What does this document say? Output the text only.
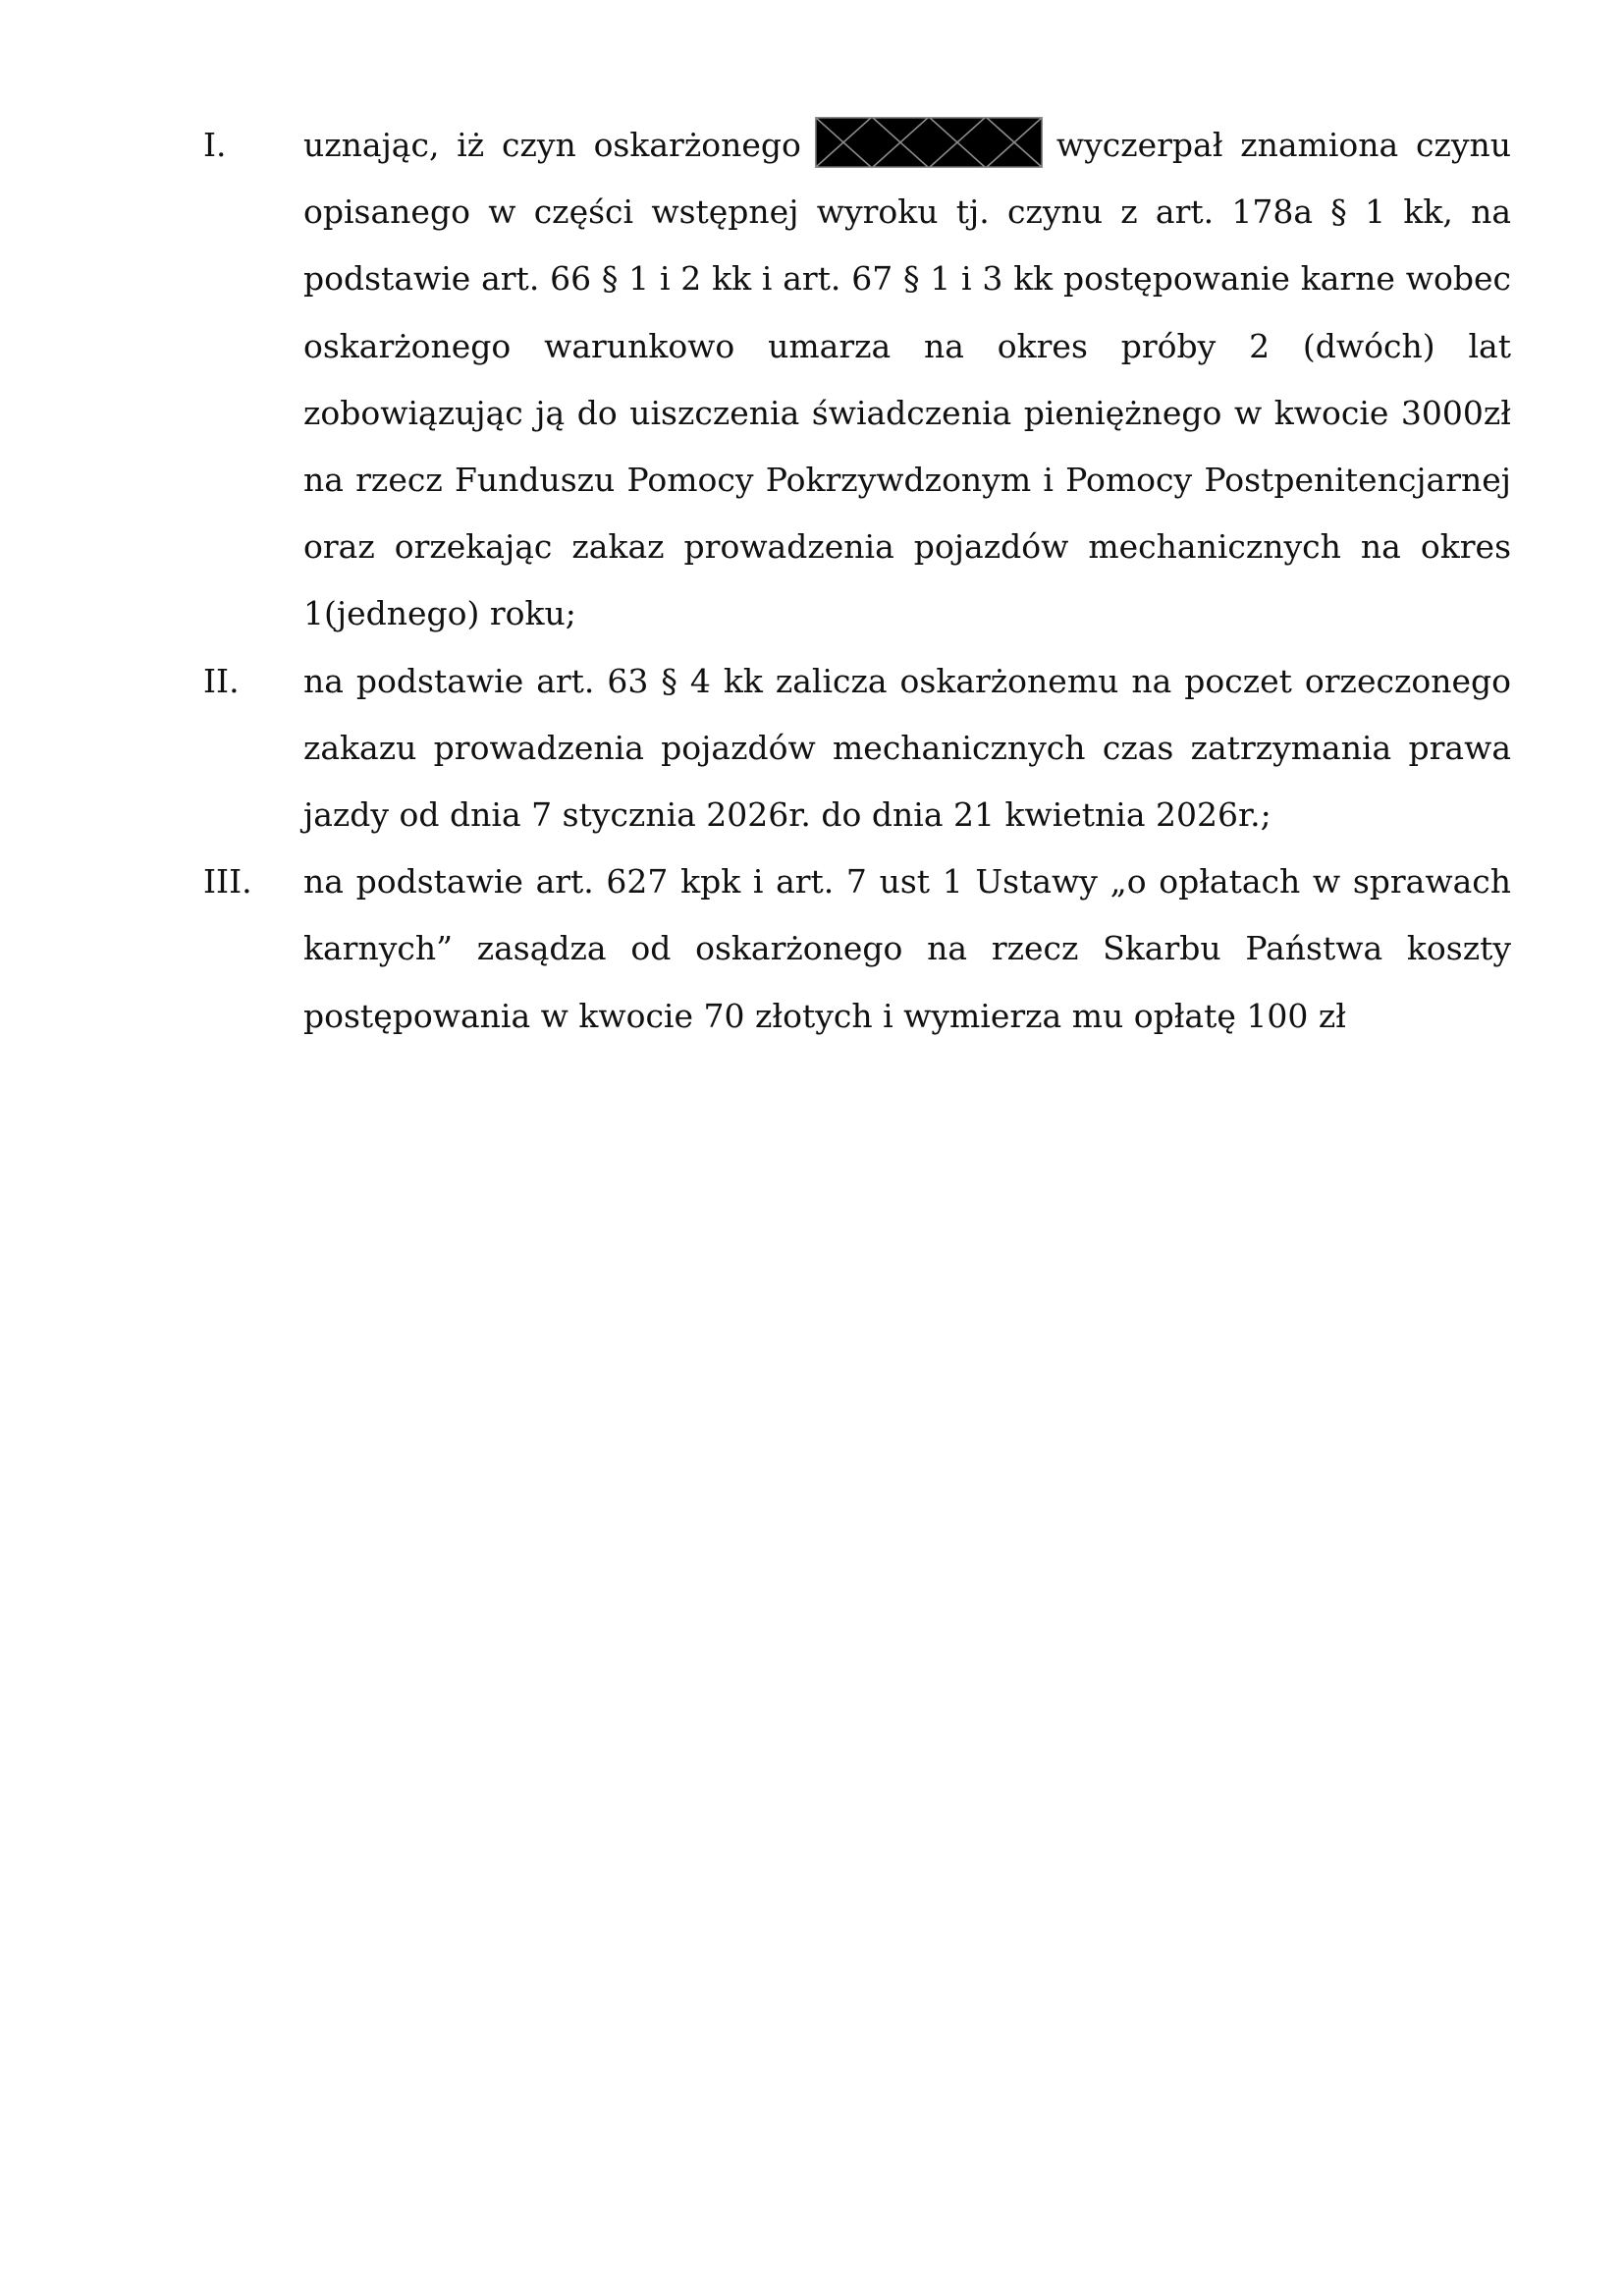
I.	uznając, iż czyn oskarżonego	wyczerpał znamiona czynu opisanego w części wstępnej wyroku tj. czynu z art. 178a § 1 kk, na podstawie art. 66 § 1 i 2 kk i art. 67 § 1 i 3 kk postępowanie karne wobec oskarżonego warunkowo umarza na okres próby 2 (dwóch) lat zobowiązując ją do uiszczenia świadczenia pieniężnego w kwocie 3000zł na rzecz Funduszu Pomocy Pokrzywdzonym i Pomocy Postpenitencjarnej oraz orzekając zakaz prowadzenia pojazdów mechanicznych na okres 1(jednego) roku;
II.	na podstawie art. 63 § 4 kk zalicza oskarżonemu na poczet orzeczonego zakazu prowadzenia pojazdów mechanicznych czas zatrzymania prawa jazdy od dnia 7 stycznia 2026r. do dnia 21 kwietnia 2026r.;
III.	na podstawie art. 627 kpk i art. 7 ust 1 Ustawy „o opłatach w sprawach karnych” zasądza od oskarżonego na rzecz Skarbu Państwa koszty postępowania w kwocie 70 złotych i wymierza mu opłatę 100 zł
